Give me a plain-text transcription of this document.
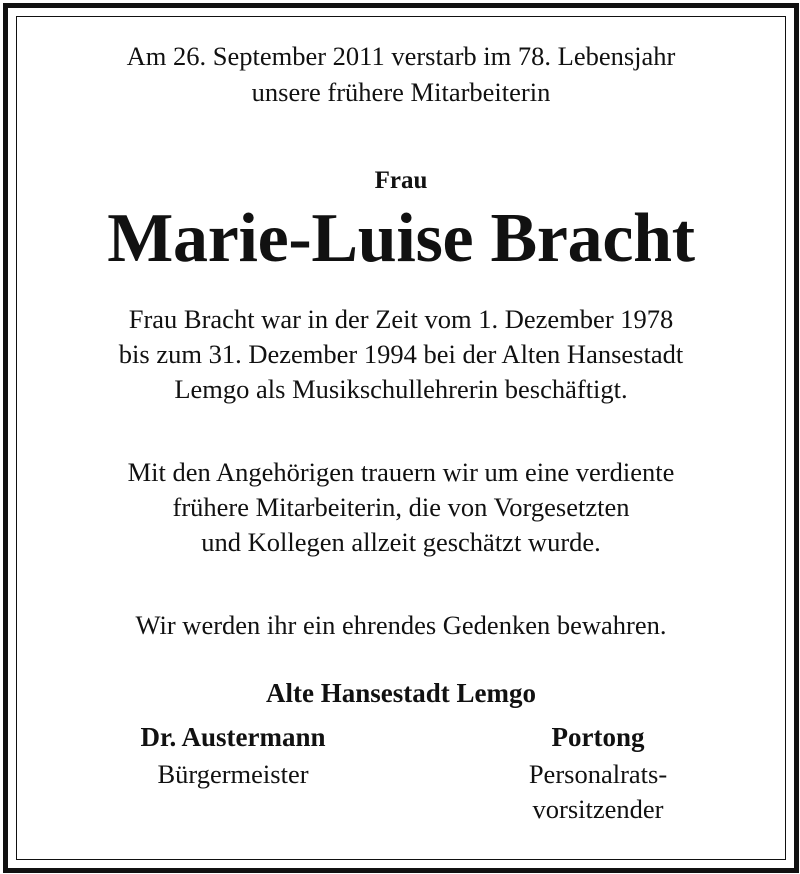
Am 26. September 2011 verstarb im 78. Lebensjahr
unsere frühere Mitarbeiterin
Frau
Marie-Luise Bracht
Frau Bracht war in der Zeit vom 1. Dezember 1978
bis zum 31. Dezember 1994 bei der Alten Hansestadt
Lemgo als Musikschullehrerin beschäftigt.
Mit den Angehörigen trauern wir um eine verdiente
frühere Mitarbeiterin, die von Vorgesetzten
und Kollegen allzeit geschätzt wurde.
Wir werden ihr ein ehrendes Gedenken bewahren.
Alte Hansestadt Lemgo
Dr. Austermann
Bürgermeister
Portong
Personalrats-
vorsitzender
